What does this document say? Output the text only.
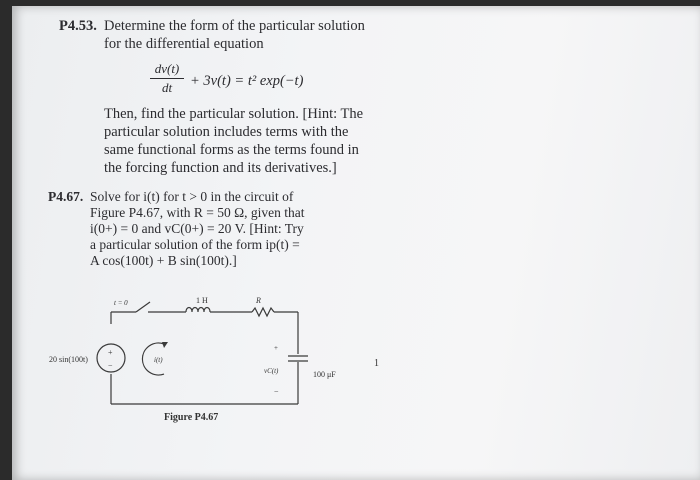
P4.53. Determine the form of the particular solution
for the differential equation
dv(t)
dt	+ 3v(t) = t² exp(−t)
Then, find the particular solution. [Hint: The
particular solution includes terms with the
same functional forms as the terms found in
the forcing function and its derivatives.]
P4.67. Solve for i(t) for t > 0 in the circuit of
Figure P4.67, with R = 50 Ω, given that
i(0+) = 0 and vC(0+) = 20 V. [Hint: Try
a particular solution of the form ip(t) =
A cos(100t) + B sin(100t).]
t = 0	1 H	R
20 sin(100t)
+
−
i(t)
+
vC(t)
−
100 μF
Figure P4.67
1
